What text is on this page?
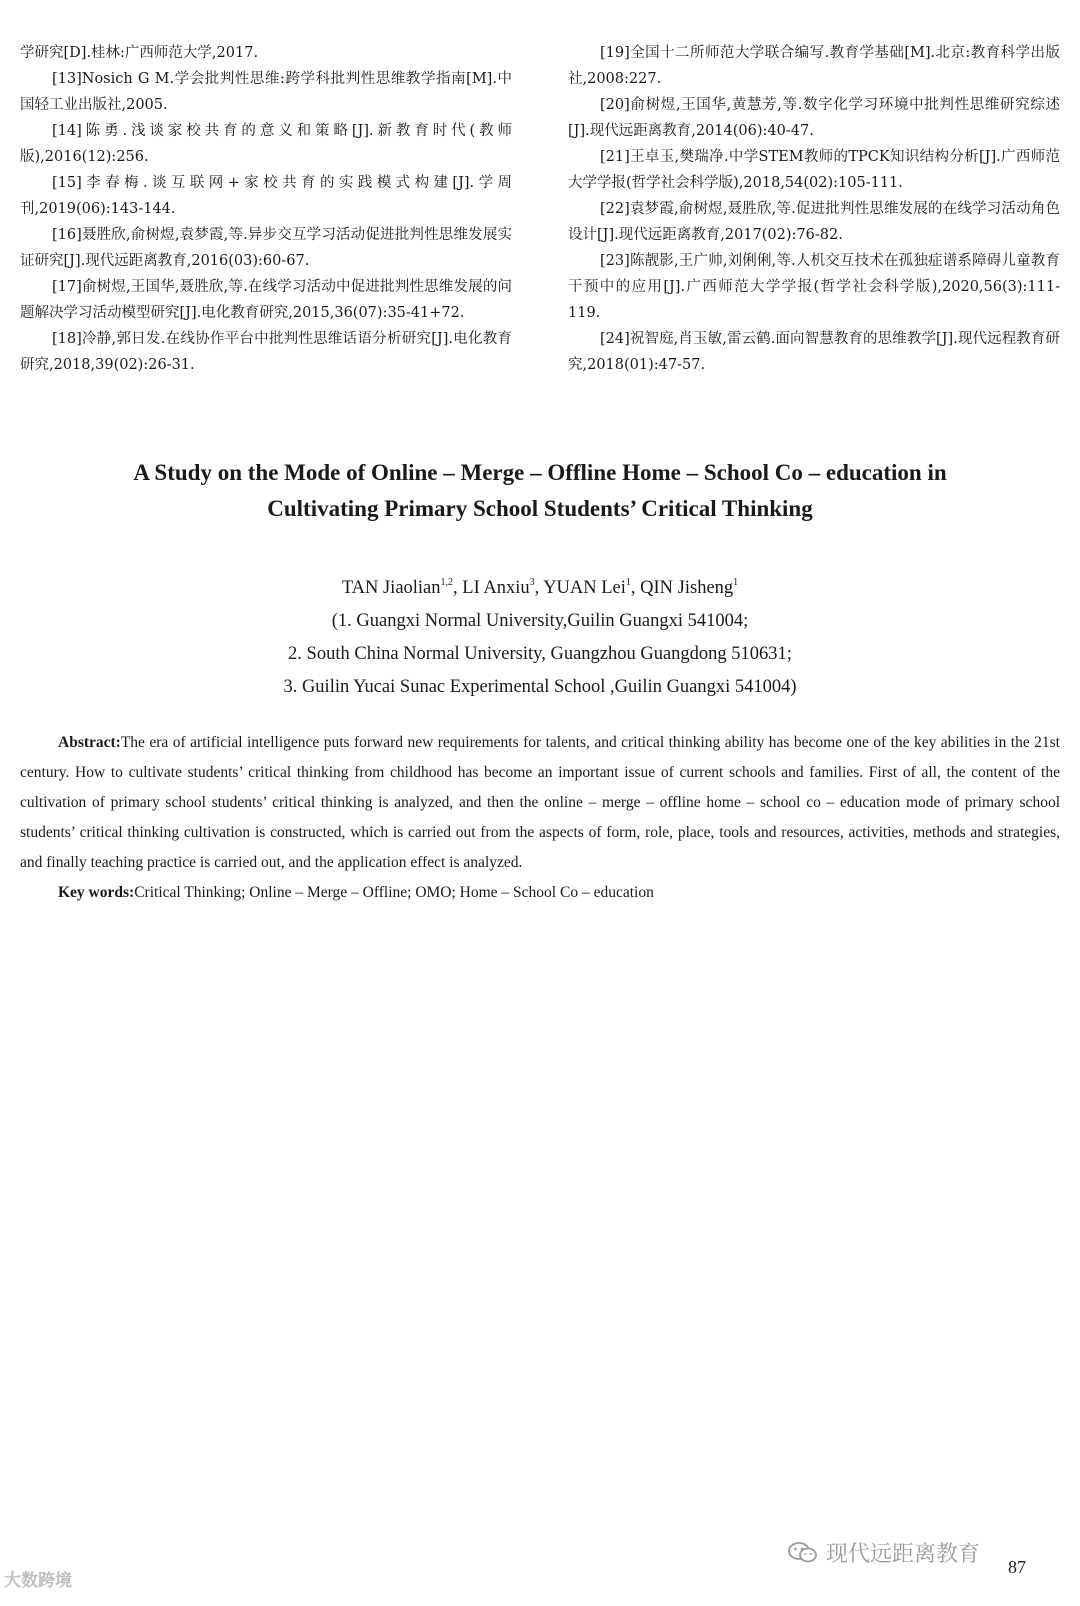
学研究[D].桂林:广西师范大学,2017.

[13]Nosich G M.学会批判性思维:跨学科批判性思维教学指南[M].中国轻工业出版社,2005.

[14]陈勇.浅谈家校共育的意义和策略[J].新教育时代(教师版),2016(12):256.

[15]李春梅.谈互联网+家校共育的实践模式构建[J].学周刊,2019(06):143-144.

[16]聂胜欣,俞树煜,袁梦霞,等.异步交互学习活动促进批判性思维发展实证研究[J].现代远距离教育,2016(03):60-67.

[17]俞树煜,王国华,聂胜欣,等.在线学习活动中促进批判性思维发展的问题解决学习活动模型研究[J].电化教育研究,2015,36(07):35-41+72.

[18]冷静,郭日发.在线协作平台中批判性思维话语分析研究[J].电化教育研究,2018,39(02):26-31.

[19]全国十二所师范大学联合编写.教育学基础[M].北京:教育科学出版社,2008:227.

[20]俞树煜,王国华,黄慧芳,等.数字化学习环境中批判性思维研究综述[J].现代远距离教育,2014(06):40-47.

[21]王卓玉,樊瑞净.中学STEM教师的TPCK知识结构分析[J].广西师范大学学报(哲学社会科学版),2018,54(02):105-111.

[22]袁梦霞,俞树煜,聂胜欣,等.促进批判性思维发展的在线学习活动角色设计[J].现代远距离教育,2017(02):76-82.

[23]陈靓影,王广帅,刘俐俐,等.人机交互技术在孤独症谱系障碍儿童教育干预中的应用[J].广西师范大学学报(哲学社会科学版),2020,56(3):111-119.

[24]祝智庭,肖玉敏,雷云鹤.面向智慧教育的思维教学[J].现代远程教育研究,2018(01):47-57.

A Study on the Mode of Online – Merge – Offline Home – School Co – education in
Cultivating Primary School Students’ Critical Thinking
TAN Jiaolian$^{1,2}$, LI Anxiu$^3$, YUAN Lei$^1$, QIN Jisheng$^1$
(1. Guangxi Normal University,Guilin Guangxi 541004;
2. South China Normal University, Guangzhou Guangdong 510631;
3. Guilin Yucai Sunac Experimental School ,Guilin Guangxi 541004)

Abstract:The era of artificial intelligence puts forward new requirements for talents, and critical thinking ability has become one of the key abilities in the 21st century. How to cultivate students’ critical thinking from childhood has become an important issue of current schools and families. First of all, the content of the cultivation of primary school students’ critical thinking is analyzed, and then the online – merge – offline home – school co – education mode of primary school students’ critical thinking cultivation is constructed, which is carried out from the aspects of form, role, place, tools and resources, activities, methods and strategies, and finally teaching practice is carried out, and the application effect is analyzed.

Key words:Critical Thinking; Online – Merge – Offline; OMO; Home – School Co – education

大数跨境
现代远距离教育 87
